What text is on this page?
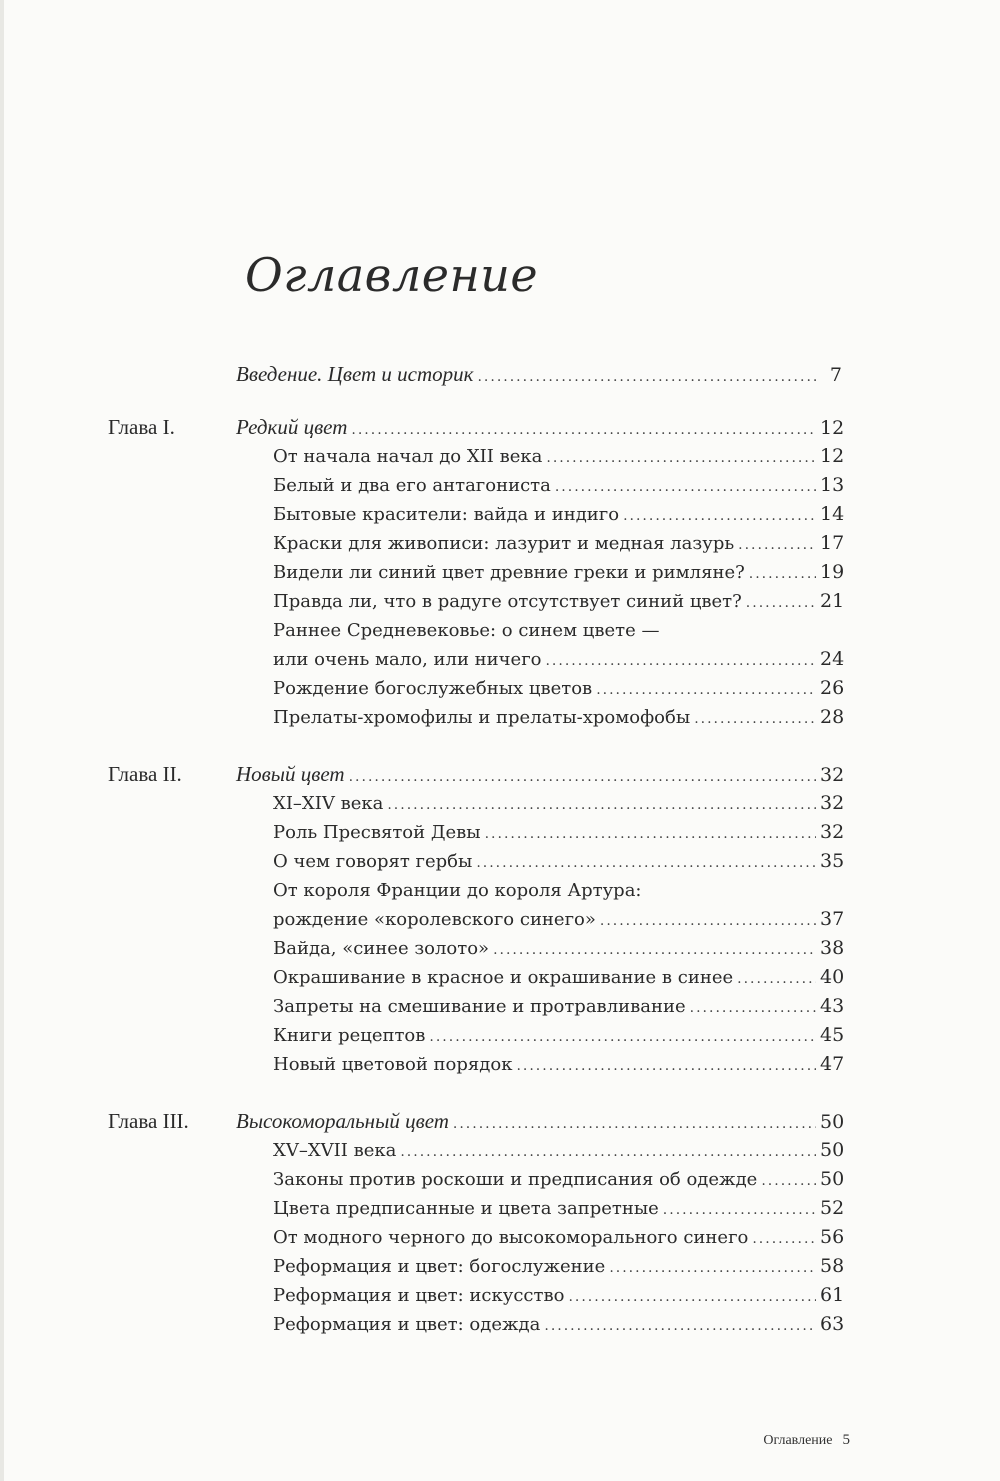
Оглавление
Введение. Цвет и историк .....	7
Глава I.	Редкий цвет .....	12
От начала начал до XII века .....	12
Белый и два его антагониста .....	13
Бытовые красители: вайда и индиго .....	14
Краски для живописи: лазурит и медная лазурь .....	17
Видели ли синий цвет древние греки и римляне? .....	19
Правда ли, что в радуге отсутствует синий цвет? .....	21
Раннее Средневековье: о синем цвете —
или очень мало, или ничего .....	24
Рождение богослужебных цветов .....	26
Прелаты-хромофилы и прелаты-хромофобы .....	28
Глава II.	Новый цвет .....	32
XI–XIV века .....	32
Роль Пресвятой Девы .....	32
О чем говорят гербы .....	35
От короля Франции до короля Артура:
рождение «королевского синего» .....	37
Вайда, «синее золото» .....	38
Окрашивание в красное и окрашивание в синее .....	40
Запреты на смешивание и протравливание .....	43
Книги рецептов .....	45
Новый цветовой порядок .....	47
Глава III. Высокоморальный цвет .....	50
XV–XVII века .....	50
Законы против роскоши и предписания об одежде .....	50
Цвета предписанные и цвета запретные .....	52
От модного черного до высокоморального синего .....	56
Реформация и цвет: богослужение .....	58
Реформация и цвет: искусство .....	61
Реформация и цвет: одежда .....	63
Оглавление 5
